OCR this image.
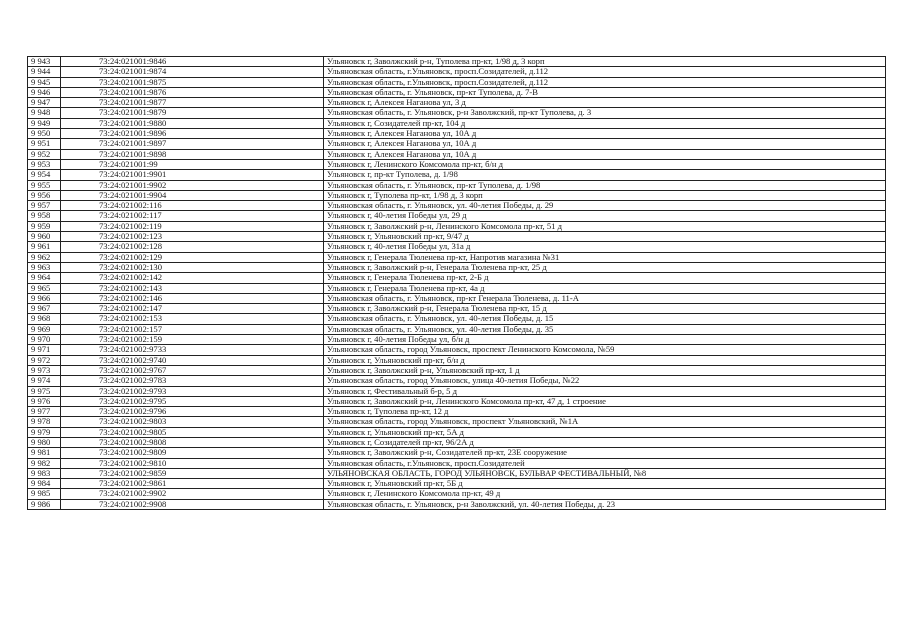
9 943	73:24:021001:9846	Ульяновск г, Заволжский р-н, Туполева пр-кт, 1/98 д, 3 корп	
9 944	73:24:021001:9874	Ульяновская область, г.Ульяновск, просп.Созидателей, д.112	
9 945	73:24:021001:9875	Ульяновская область, г.Ульяновск, просп.Созидателей, д.112	
9 946	73:24:021001:9876	Ульяновская область, г. Ульяновск, пр-кт Туполева, д. 7-В	
9 947	73:24:021001:9877	Ульяновск г, Алексея Наганова ул, 3 д	
9 948	73:24:021001:9879	Ульяновская область, г. Ульяновск, р-н Заволжский, пр-кт Туполева, д. 3	
9 949	73:24:021001:9880	Ульяновск г, Созидателей пр-кт, 104 д	
9 950	73:24:021001:9896	Ульяновск г, Алексея Наганова ул, 10А д	
9 951	73:24:021001:9897	Ульяновск г, Алексея Наганова ул, 10А д	
9 952	73:24:021001:9898	Ульяновск г, Алексея Наганова ул, 10А д	
9 953	73:24:021001:99	Ульяновск г, Ленинского Комсомола пр-кт, б/н д	
9 954	73:24:021001:9901	Ульяновск г, пр-кт Туполева, д. 1/98	
9 955	73:24:021001:9902	Ульяновская область, г. Ульяновск, пр-кт Туполева, д. 1/98	
9 956	73:24:021001:9904	Ульяновск г, Туполева пр-кт, 1/98 д, 3 корп	
9 957	73:24:021002:116	Ульяновская область, г. Ульяновск, ул. 40-летия Победы, д. 29	
9 958	73:24:021002:117	Ульяновск г, 40-летия Победы ул, 29 д	
9 959	73:24:021002:119	Ульяновск г, Заволжский р-н, Ленинского Комсомола пр-кт, 51 д	
9 960	73:24:021002:123	Ульяновск г, Ульяновский пр-кт, 9/47 д	
9 961	73:24:021002:128	Ульяновск г, 40-летия Победы ул, 31а д	
9 962	73:24:021002:129	Ульяновск г, Генерала Тюленева пр-кт, Напротив магазина №31	
9 963	73:24:021002:130	Ульяновск г, Заволжский р-н, Генерала Тюленева пр-кт, 25 д	
9 964	73:24:021002:142	Ульяновск г, Генерала Тюленева пр-кт, 2-Б д	
9 965	73:24:021002:143	Ульяновск г, Генерала Тюленева пр-кт, 4а д	
9 966	73:24:021002:146	Ульяновская область, г. Ульяновск, пр-кт Генерала Тюленева, д. 11-А	
9 967	73:24:021002:147	Ульяновск г, Заволжский р-н, Генерала Тюленева пр-кт, 15 д	
9 968	73:24:021002:153	Ульяновская область, г. Ульяновск, ул. 40-летия Победы, д. 15	
9 969	73:24:021002:157	Ульяновская область, г. Ульяновск, ул. 40-летия Победы, д. 35	
9 970	73:24:021002:159	Ульяновск г, 40-летия Победы ул, б/н д	
9 971	73:24:021002:9733	Ульяновская область, город Ульяновск, проспект Ленинского Комсомола, №59	
9 972	73:24:021002:9740	Ульяновск г, Ульяновский пр-кт, б/н д	
9 973	73:24:021002:9767	Ульяновск г, Заволжский р-н, Ульяновский пр-кт, 1 д	
9 974	73:24:021002:9783	Ульяновская область, город Ульяновск, улица 40-летия Победы, №22	
9 975	73:24:021002:9793	Ульяновск г, Фестивальный б-р, 5 д	
9 976	73:24:021002:9795	Ульяновск г, Заволжский р-н, Ленинского Комсомола пр-кт, 47 д, 1 строение	
9 977	73:24:021002:9796	Ульяновск г, Туполева пр-кт, 12 д	
9 978	73:24:021002:9803	Ульяновская область, город Ульяновск, проспект Ульяновский, №1А	
9 979	73:24:021002:9805	Ульяновск г, Ульяновский пр-кт, 5А д	
9 980	73:24:021002:9808	Ульяновск г, Созидателей пр-кт, 96/2А д	
9 981	73:24:021002:9809	Ульяновск г, Заволжский р-н, Созидателей пр-кт, 23Е сооружение	
9 982	73:24:021002:9810	Ульяновская область, г.Ульяновск, просп.Созидателей	
9 983	73:24:021002:9859	УЛЬЯНОВСКАЯ ОБЛАСТЬ, ГОРОД УЛЬЯНОВСК, БУЛЬВАР ФЕСТИВАЛЬНЫЙ, №8	
9 984	73:24:021002:9861	Ульяновск г, Ульяновский пр-кт, 5Б д	
9 985	73:24:021002:9902	Ульяновск г, Ленинского Комсомола пр-кт, 49 д	
9 986	73:24:021002:9908	Ульяновская область, г. Ульяновск, р-н Заволжский, ул. 40-летия Победы, д. 23	
